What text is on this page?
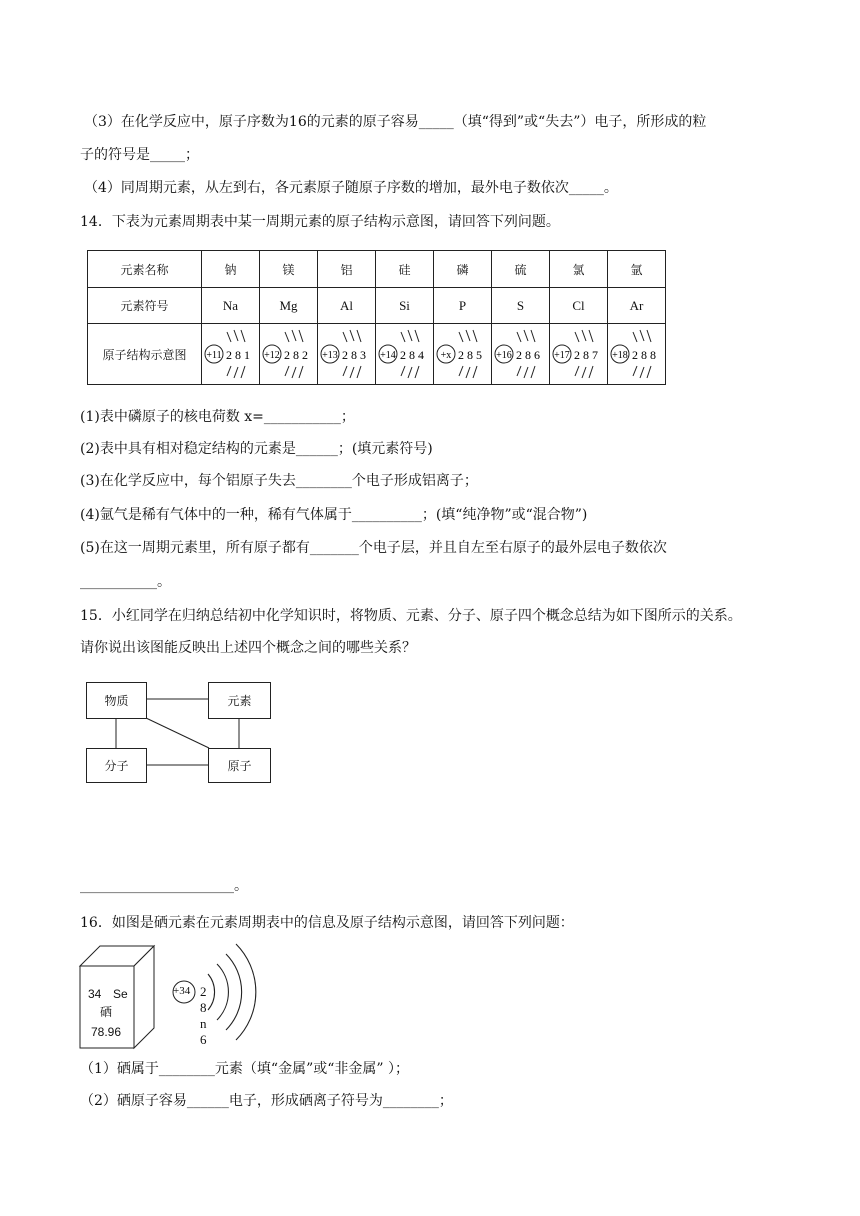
（3）在化学反应中，原子序数为16的元素的原子容易_____（填“得到”或“失去”）电子，所形成的粒
子的符号是_____；
（4）同周期元素，从左到右，各元素原子随原子序数的增加，最外电子数依次_____。
14．下表为元素周期表中某一周期元素的原子结构示意图，请回答下列问题。
元素名称	钠	镁	铝	硅	磷	硫	氯	氩
元素符号	Na	Mg	Al	Si	P	S	Cl	Ar
原子结构示意图	+11 2 8 1	+12 2 8 2	+13 2 8 3	+14 2 8 4	+x 2 8 5	+16 2 8 6	+17 2 8 7	+18 2 8 8
(1)表中磷原子的核电荷数 x=___________；
(2)表中具有相对稳定结构的元素是______；(填元素符号)
(3)在化学反应中，每个铝原子失去________个电子形成铝离子；
(4)氩气是稀有气体中的一种，稀有气体属于__________；(填“纯净物”或“混合物”)
(5)在这一周期元素里，所有原子都有_______个电子层，并且自左至右原子的最外层电子数依次
___________。
15．小红同学在归纳总结初中化学知识时，将物质、元素、分子、原子四个概念总结为如下图所示的关系。
请你说出该图能反映出上述四个概念之间的哪些关系？
物质	元素
分子	原子
______________________。
16．如图是硒元素在元素周期表中的信息及原子结构示意图，请回答下列问题：
34 Se
硒
78.96
+34 2 8 n 6
（1）硒属于________元素（填“金属”或“非金属” ）；
（2）硒原子容易______电子，形成硒离子符号为________；
